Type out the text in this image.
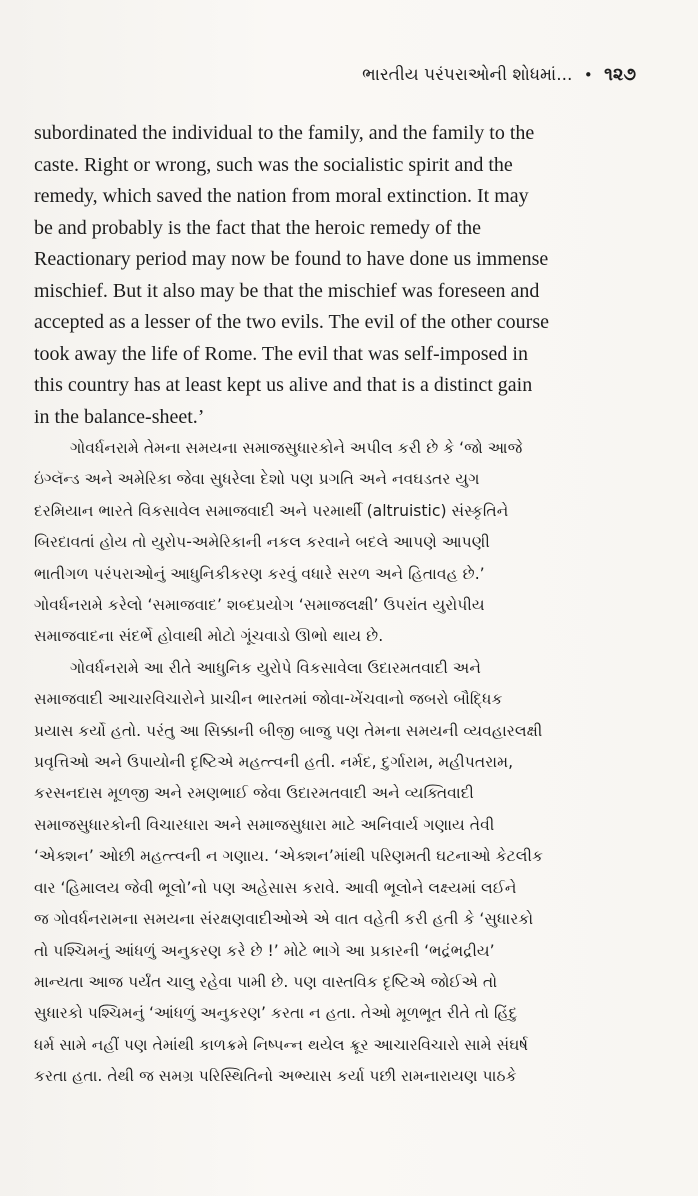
ભારતીય પરંપરાઓની શોધમાં... • ૧૨૭

subordinated the individual to the family, and the family to the
caste. Right or wrong, such was the socialistic spirit and the
remedy, which saved the nation from moral extinction. It may
be and probably is the fact that the heroic remedy of the
Reactionary period may now be found to have done us immense
mischief. But it also may be that the mischief was foreseen and
accepted as a lesser of the two evils. The evil of the other course
took away the life of Rome. The evil that was self-imposed in
this country has at least kept us alive and that is a distinct gain
in the balance-sheet.’

ગોવર્ધનરામે તેમના સમયના સમાજસુધારકોને અપીલ કરી છે કે ‘જો આજે
ઇંગ્લૅન્ડ અને અમેરિકા જેવા સુધરેલા દેશો પણ પ્રગતિ અને નવઘડતર યુગ
દરમિયાન ભારતે વિકસાવેલ સમાજવાદી અને પરમાર્થી (altruistic) સંસ્કૃતિને
બિરદાવતાં હોય તો યુરોપ-અમેરિકાની નકલ કરવાને બદલે આપણે આપણી
ભાતીગળ પરંપરાઓનું આધુનિકીકરણ કરવું વધારે સરળ અને હિતાવહ છે.’
ગોવર્ધનરામે કરેલો ‘સમાજવાદ’ શબ્દપ્રયોગ ‘સમાજલક્ષી’ ઉપરાંત યુરોપીય
સમાજવાદના સંદર્ભે હોવાથી મોટો ગૂંચવાડો ઊભો થાય છે.

ગોવર્ધનરામે આ રીતે આધુનિક યુરોપે વિકસાવેલા ઉદારમતવાદી અને
સમાજવાદી આચારવિચારોને પ્રાચીન ભારતમાં જોવા-ખેંચવાનો જબરો બૌદ્ધિક
પ્રયાસ કર્યો હતો. પરંતુ આ સિક્કાની બીજી બાજુ પણ તેમના સમયની વ્યવહારલક્ષી
પ્રવૃત્તિઓ અને ઉપાયોની દૃષ્ટિએ મહત્ત્વની હતી. નર્મદ, દુર્ગારામ, મહીપતરામ,
કરસનદાસ મૂળજી અને રમણભાઈ જેવા ઉદારમતવાદી અને વ્યક્તિવાદી
સમાજસુધારકોની વિચારધારા અને સમાજસુધારા માટે અનિવાર્ય ગણાય તેવી
‘એક્શન’ ઓછી મહત્ત્વની ન ગણાય. ‘એક્શન’માંથી પરિણમતી ઘટનાઓ કેટલીક
વાર ‘હિમાલય જેવી ભૂલો’નો પણ અહેસાસ કરાવે. આવી ભૂલોને લક્ષ્યમાં લઈને
જ ગોવર્ધનરામના સમયના સંરક્ષણવાદીઓએ એ વાત વહેતી કરી હતી કે ‘સુધારકો
તો પશ્ચિમનું આંધળું અનુકરણ કરે છે !’ મોટે ભાગે આ પ્રકારની ‘ભદ્રંભદ્રીય’
માન્યતા આજ પર્યંત ચાલુ રહેવા પામી છે. પણ વાસ્તવિક દૃષ્ટિએ જોઈએ તો
સુધારકો પશ્ચિમનું ‘આંધળું અનુકરણ’ કરતા ન હતા. તેઓ મૂળભૂત રીતે તો હિંદુ
ધર્મ સામે નહીં પણ તેમાંથી કાળક્રમે નિષ્પન્ન થયેલ ક્રૂર આચારવિચારો સામે સંઘર્ષ
કરતા હતા. તેથી જ સમગ્ર પરિસ્થિતિનો અભ્યાસ કર્યા પછી રામનારાયણ પાઠકે
